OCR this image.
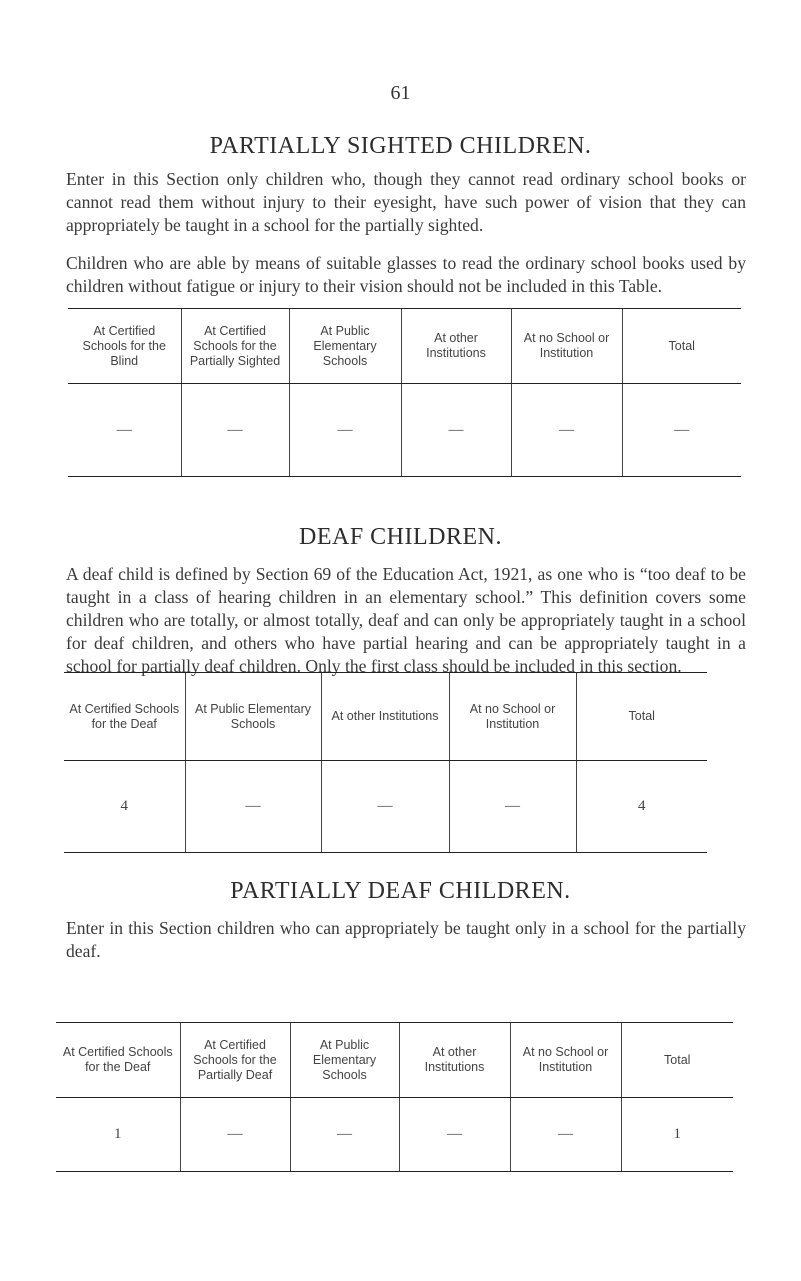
61
PARTIALLY SIGHTED CHILDREN.

Enter in this Section only children who, though they cannot read ordinary school books or cannot read them without injury to their eyesight, have such power of vision that they can appropriately be taught in a school for the partially sighted.

Children who are able by means of suitable glasses to read the ordinary school books used by children without fatigue or injury to their vision should not be included in this Table.

At Certified Schools for the Blind	At Certified Schools for the Partially Sighted	At Public Elementary Schools	At other Institutions	At no School or Institution	Total
—	—	—	—	—	—
DEAF CHILDREN.

A deaf child is defined by Section 69 of the Education Act, 1921, as one who is “too deaf to be taught in a class of hearing children in an elementary school.” This definition covers some children who are totally, or almost totally, deaf and can only be appropriately taught in a school for deaf children, and others who have partial hearing and can be appropriately taught in a school for partially deaf children. Only the first class should be included in this section.

At Certified Schools for the Deaf	At Public Elementary Schools	At other Institutions	At no School or Institution	Total
4	—	—	—	4
PARTIALLY DEAF CHILDREN.

Enter in this Section children who can appropriately be taught only in a school for the partially deaf.

At Certified Schools for the Deaf	At Certified Schools for the Partially Deaf	At Public Elementary Schools	At other Institutions	At no School or Institution	Total
1	—	—	—	—	1
